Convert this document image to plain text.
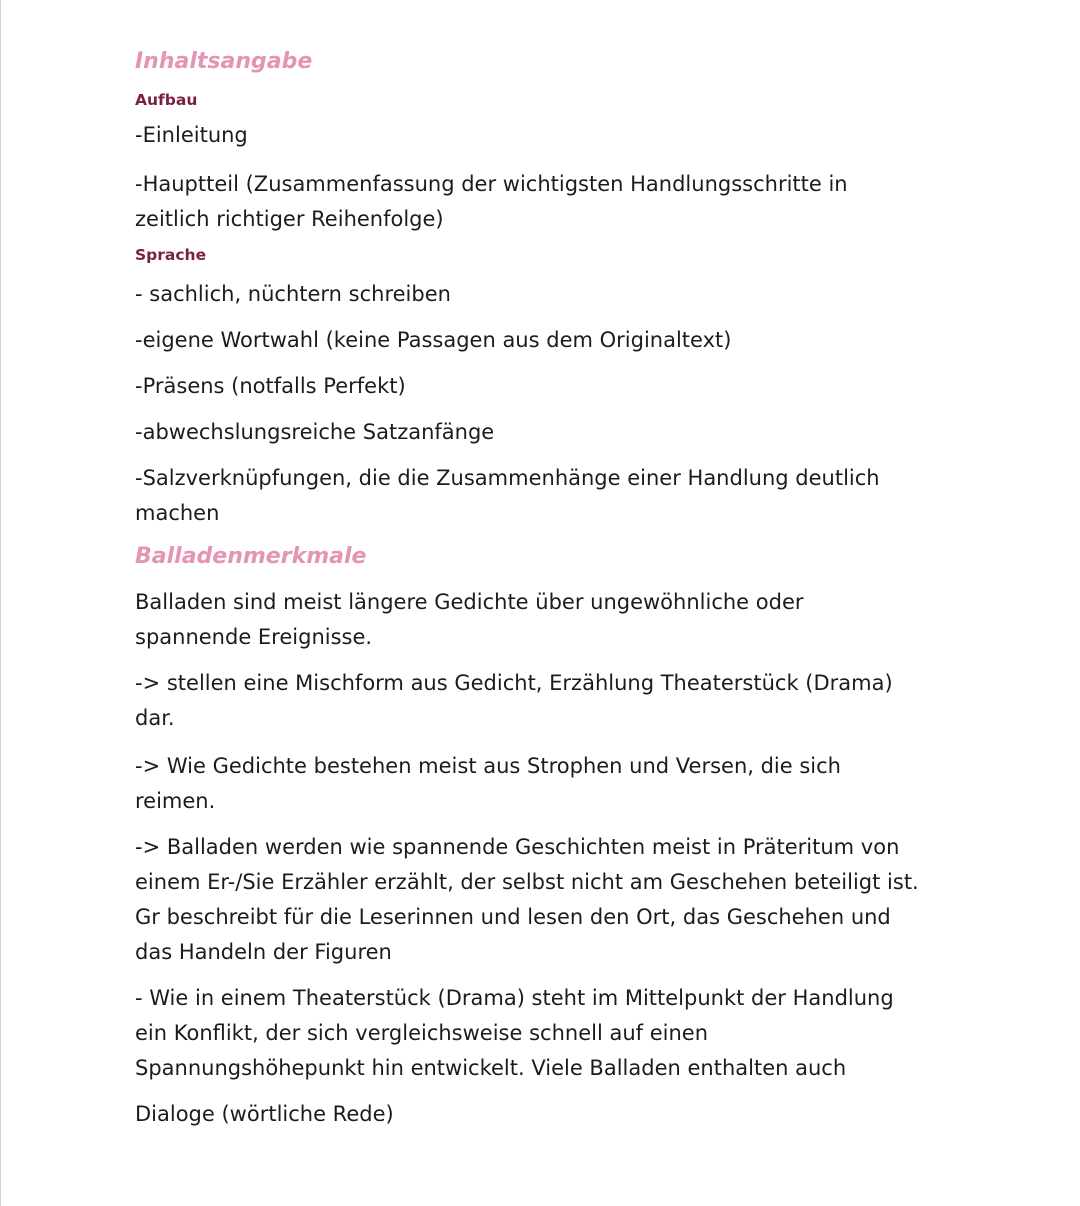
Inhaltsangabe
Aufbau

-Einleitung

-Hauptteil (Zusammenfassung der wichtigsten Handlungsschritte in
zeitlich richtiger Reihenfolge)

Sprache

- sachlich, nüchtern schreiben

-eigene Wortwahl (keine Passagen aus dem Originaltext)

-Präsens (notfalls Perfekt)

-abwechslungsreiche Satzanfänge

-Salzverknüpfungen, die die Zusammenhänge einer Handlung deutlich
machen

Balladenmerkmale

Balladen sind meist längere Gedichte über ungewöhnliche oder
spannende Ereignisse.

-> stellen eine Mischform aus Gedicht, Erzählung Theaterstück (Drama)
dar.

-> Wie Gedichte bestehen meist aus Strophen und Versen, die sich
reimen.

-> Balladen werden wie spannende Geschichten meist in Präteritum von
einem Er-/Sie Erzähler erzählt, der selbst nicht am Geschehen beteiligt ist.
Gr beschreibt für die Leserinnen und lesen den Ort, das Geschehen und
das Handeln der Figuren

- Wie in einem Theaterstück (Drama) steht im Mittelpunkt der Handlung
ein Konflikt, der sich vergleichsweise schnell auf einen
Spannungshöhepunkt hin entwickelt. Viele Balladen enthalten auch

Dialoge (wörtliche Rede)
